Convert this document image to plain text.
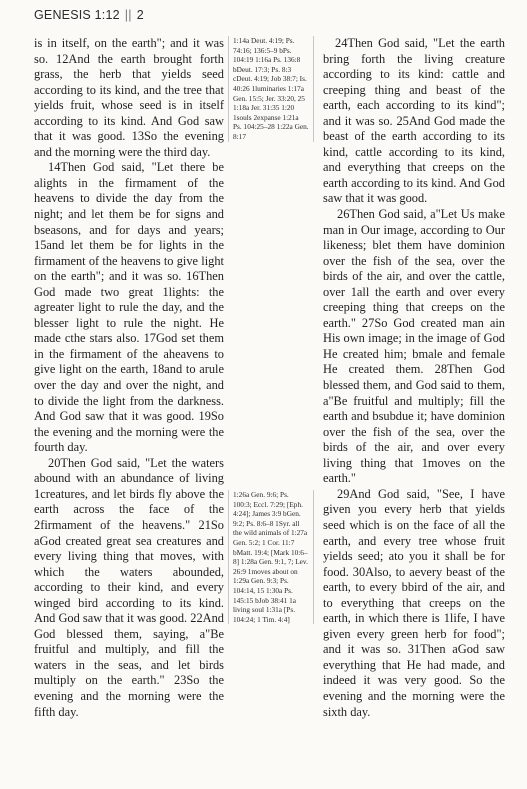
GENESIS 1:12 || 2

is in itself, on the earth"; and it was so. 12And the earth brought forth grass, the herb that yields seed according to its kind, and the tree that yields fruit, whose seed is in itself according to its kind. And God saw that it was good. 13So the evening and the morning were the third day.

14Then God said, "Let there be alights in the firmament of the heavens to divide the day from the night; and let them be for signs and bseasons, and for days and years; 15and let them be for lights in the firmament of the heavens to give light on the earth"; and it was so. 16Then God made two great 1lights: the agreater light to rule the day, and the blesser light to rule the night. He made cthe stars also. 17God set them in the firmament of the aheavens to give light on the earth, 18and to arule over the day and over the night, and to divide the light from the darkness. And God saw that it was good. 19So the evening and the morning were the fourth day.

20Then God said, "Let the waters abound with an abundance of living 1creatures, and let birds fly above the earth across the face of the 2firmament of the heavens." 21So aGod created great sea creatures and every living thing that moves, with which the waters abounded, according to their kind, and every winged bird according to its kind. And God saw that it was good. 22And God blessed them, saying, a"Be fruitful and multiply, and fill the waters in the seas, and let birds multiply on the earth." 23So the evening and the morning were the fifth day.

1:14a Deut. 4:19; Ps. 74:16; 136:5–9 bPs. 104:19 1:16a Ps. 136:8 bDeut. 17:3; Ps. 8:3 cDeut. 4:19; Job 38:7; Is. 40:26 1luminaries 1:17a Gen. 15:5; Jer. 33:20, 25 1:18a Jer. 31:35 1:20 1souls 2expanse 1:21a Ps. 104:25–28 1:22a Gen. 8:17
1:26a Gen. 9:6; Ps. 100:3; Eccl. 7:29; [Eph. 4:24]; James 3:9 bGen. 9:2; Ps. 8:6–8 1Syr. all the wild animals of 1:27a Gen. 5:2; 1 Cor. 11:7 bMatt. 19:4; [Mark 10:6–8] 1:28a Gen. 9:1, 7; Lev. 26:9 1moves about on 1:29a Gen. 9:3; Ps. 104:14, 15 1:30a Ps. 145:15 bJob 38:41 1a living soul 1:31a [Ps. 104:24; 1 Tim. 4:4]

24Then God said, "Let the earth bring forth the living creature according to its kind: cattle and creeping thing and beast of the earth, each according to its kind"; and it was so. 25And God made the beast of the earth according to its kind, cattle according to its kind, and everything that creeps on the earth according to its kind. And God saw that it was good.

26Then God said, a"Let Us make man in Our image, according to Our likeness; blet them have dominion over the fish of the sea, over the birds of the air, and over the cattle, over 1all the earth and over every creeping thing that creeps on the earth." 27So God created man ain His own image; in the image of God He created him; bmale and female He created them. 28Then God blessed them, and God said to them, a"Be fruitful and multiply; fill the earth and bsubdue it; have dominion over the fish of the sea, over the birds of the air, and over every living thing that 1moves on the earth."

29And God said, "See, I have given you every herb that yields seed which is on the face of all the earth, and every tree whose fruit yields seed; ato you it shall be for food. 30Also, to aevery beast of the earth, to every bbird of the air, and to everything that creeps on the earth, in which there is 1life, I have given every green herb for food"; and it was so. 31Then aGod saw everything that He had made, and indeed it was very good. So the evening and the morning were the sixth day.
